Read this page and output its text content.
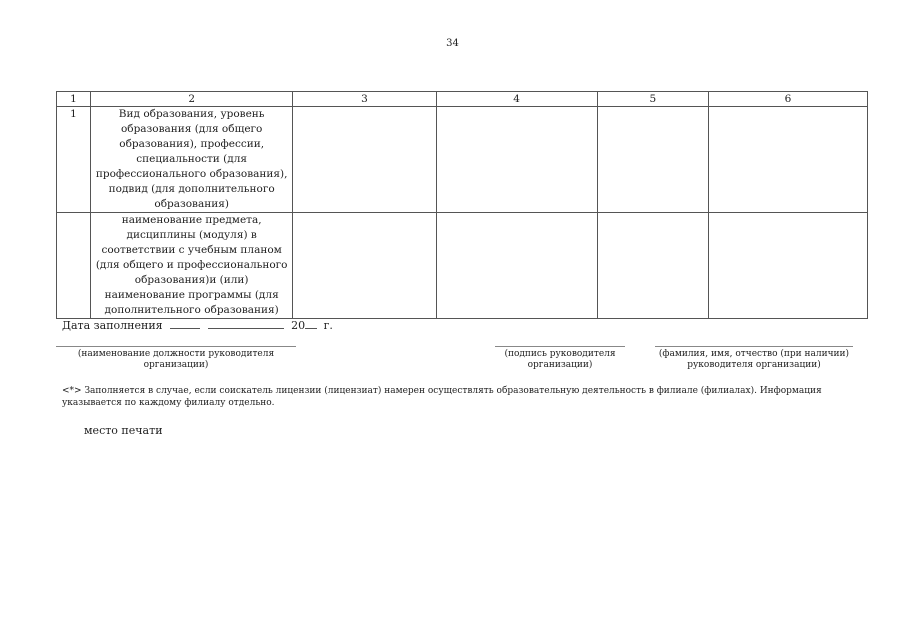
34
1	2	3	4	5	6
1	Вид образования, уровень образования (для общего образования), профессии, специальности (для профессионального образования), подвид (для дополнительного образования)				
	наименование предмета, дисциплины (модуля) в соответствии с учебным планом (для общего и профессионального образования)и (или) наименование программы (для дополнительного образования)				
Дата заполнения	20 г.
(наименование должности руководителя организации)
(подпись руководителя организации)
(фамилия, имя, отчество (при наличии) руководителя организации)
<*> Заполняется в случае, если соискатель лицензии (лицензиат) намерен осуществлять образовательную деятельность в филиале (филиалах). Информация указывается по каждому филиалу отдельно.
место печати
